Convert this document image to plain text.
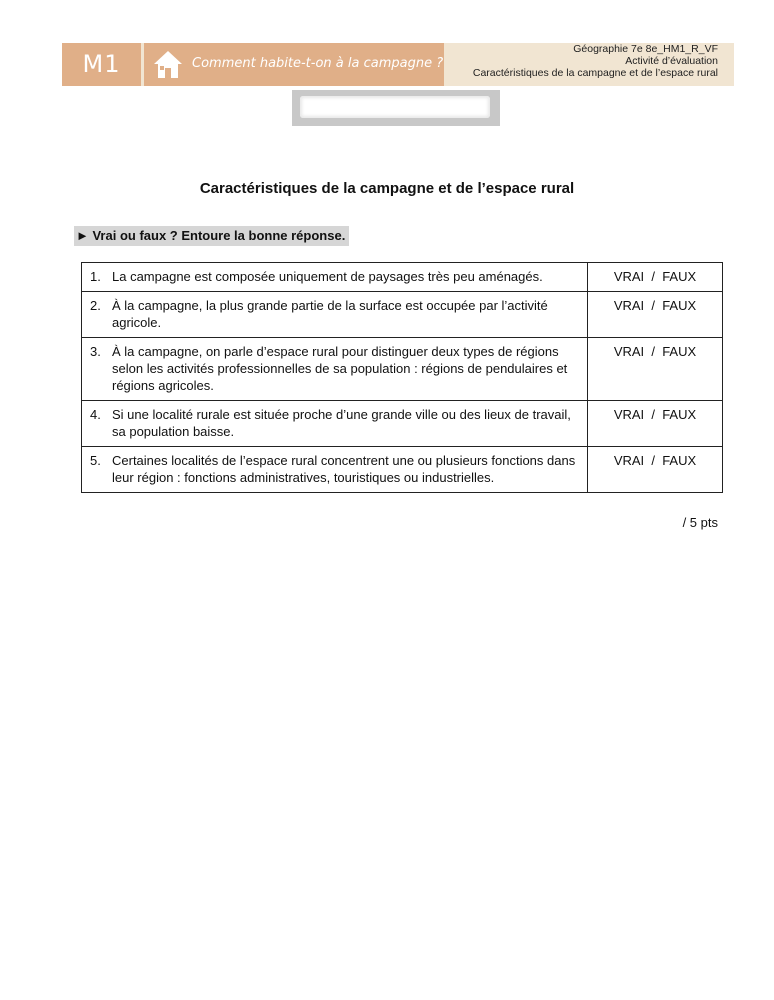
M1	Comment habite-t-on à la campagne ?
Géographie 7e 8e_HM1_R_VF
Activité d’évaluation
Caractéristiques de la campagne et de l’espace rural
Caractéristiques de la campagne et de l’espace rural
► Vrai ou faux ? Entoure la bonne réponse.
1. La campagne est composée uniquement de paysages très peu aménagés.	VRAI  /  FAUX

2. À la campagne, la plus grande partie de la surface est occupée par l’activité agricole.	VRAI  /  FAUX

3. À la campagne, on parle d’espace rural pour distinguer deux types de régions selon les activités professionnelles de sa population : régions de pendulaires et régions agricoles.	VRAI  /  FAUX

4. Si une localité rurale est située proche d’une grande ville ou des lieux de travail, sa population baisse.	VRAI  /  FAUX

5. Certaines localités de l’espace rural concentrent une ou plusieurs fonctions dans leur région : fonctions administratives, touristiques ou industrielles.	VRAI  /  FAUX
/ 5 pts
